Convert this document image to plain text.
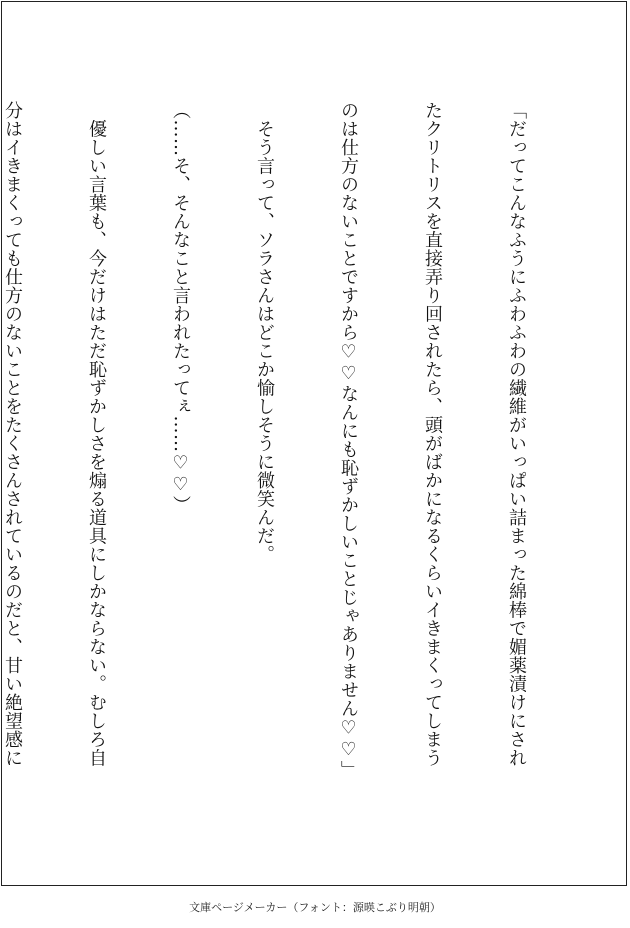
「だってこんなふうにふわふわの繊維がいっぱい詰まった綿棒で媚薬漬けにされ

たクリトリスを直接弄り回されたら、頭がばかになるくらいイきまくってしまう

のは仕方のないことですから♡♡なんにも恥ずかしいことじゃありません♡♡」

　そう言って、ソラさんはどこか愉しそうに微笑んだ。

（……そ、そんなこと言われたってぇ……♡♡）

　優しい言葉も、今だけはただ恥ずかしさを煽る道具にしかならない。むしろ自

分はイきまくっても仕方のないことをたくさんされているのだと、甘い絶望感に

文庫ページメーカー（フォント：源暎こぶり明朝）
